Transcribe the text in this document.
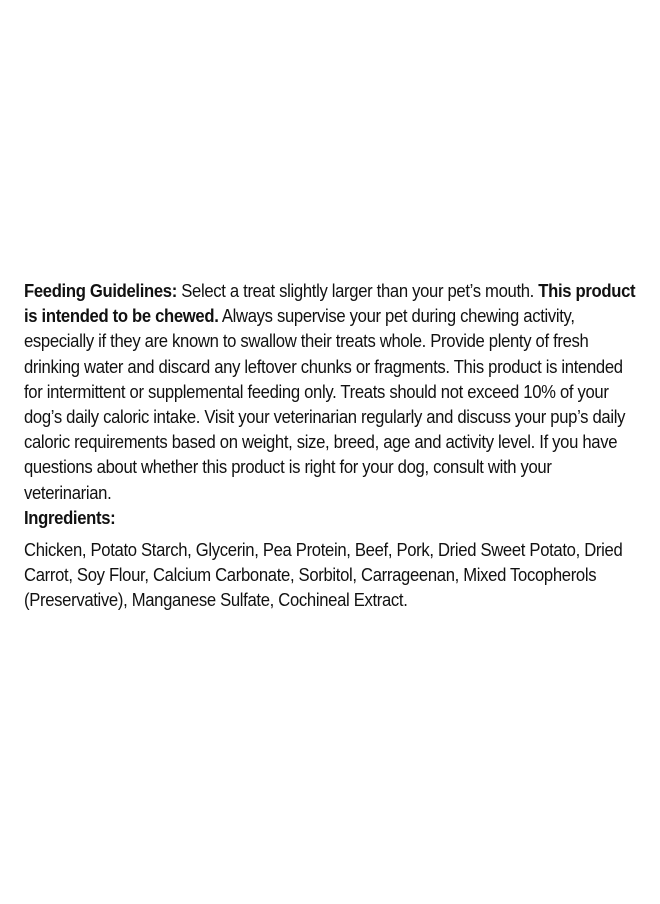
Feeding Guidelines: Select a treat slightly larger than your pet’s mouth. This product is intended to be chewed. Always supervise your pet during chewing activity, especially if they are known to swallow their treats whole. Provide plenty of fresh drinking water and discard any leftover chunks or fragments. This product is intended for intermittent or supplemental feeding only. Treats should not exceed 10% of your dog’s daily caloric intake. Visit your veterinarian regularly and discuss your pup’s daily caloric requirements based on weight, size, breed, age and activity level. If you have questions about whether this product is right for your dog, consult with your veterinarian.

Ingredients:

Chicken, Potato Starch, Glycerin, Pea Protein, Beef, Pork, Dried Sweet Potato, Dried Carrot, Soy Flour, Calcium Carbonate, Sorbitol, Carrageenan, Mixed Tocopherols (Preservative), Manganese Sulfate, Cochineal Extract.
